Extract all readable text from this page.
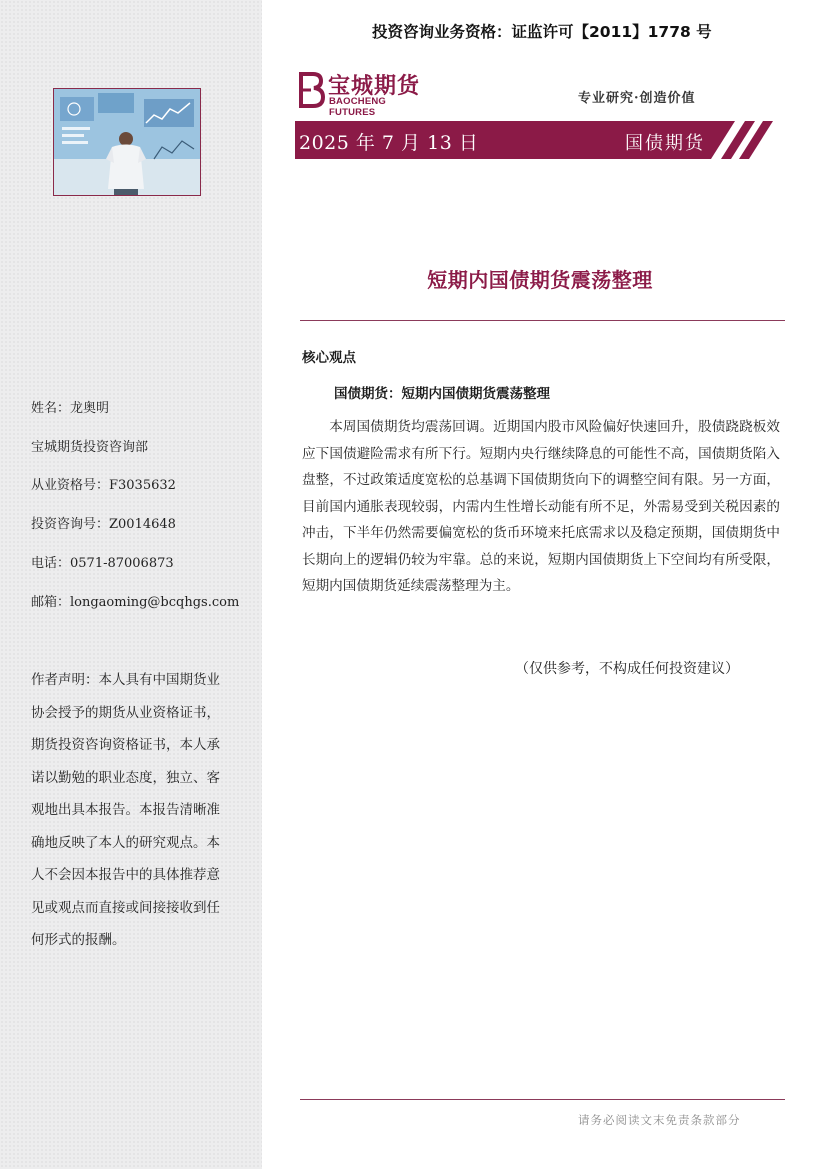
姓名：龙奥明
宝城期货投资咨询部
从业资格号：F3035632
投资咨询号：Z0014648
电话：0571-87006873
邮箱：longaoming@bcqhgs.com
作者声明：本人具有中国期货业协会授予的期货从业资格证书，期货投资咨询资格证书，本人承诺以勤勉的职业态度，独立、客观地出具本报告。本报告清晰准确地反映了本人的研究观点。本人不会因本报告中的具体推荐意见或观点而直接或间接接收到任何形式的报酬。
投资咨询业务资格：证监许可【2011】1778 号
宝城期货
BAOCHENG FUTURES
专业研究·创造价值
2025 年 7 月 13 日	国债期货
短期内国债期货震荡整理
核心观点
国债期货：短期内国债期货震荡整理

本周国债期货均震荡回调。近期国内股市风险偏好快速回升，股债跷跷板效应下国债避险需求有所下行。短期内央行继续降息的可能性不高，国债期货陷入盘整，不过政策适度宽松的总基调下国债期货向下的调整空间有限。另一方面，目前国内通胀表现较弱，内需内生性增长动能有所不足，外需易受到关税因素的冲击，下半年仍然需要偏宽松的货币环境来托底需求以及稳定预期，国债期货中长期向上的逻辑仍较为牢靠。总的来说，短期内国债期货上下空间均有所受限，短期内国债期货延续震荡整理为主。

（仅供参考，不构成任何投资建议）
请务必阅读文末免责条款部分
